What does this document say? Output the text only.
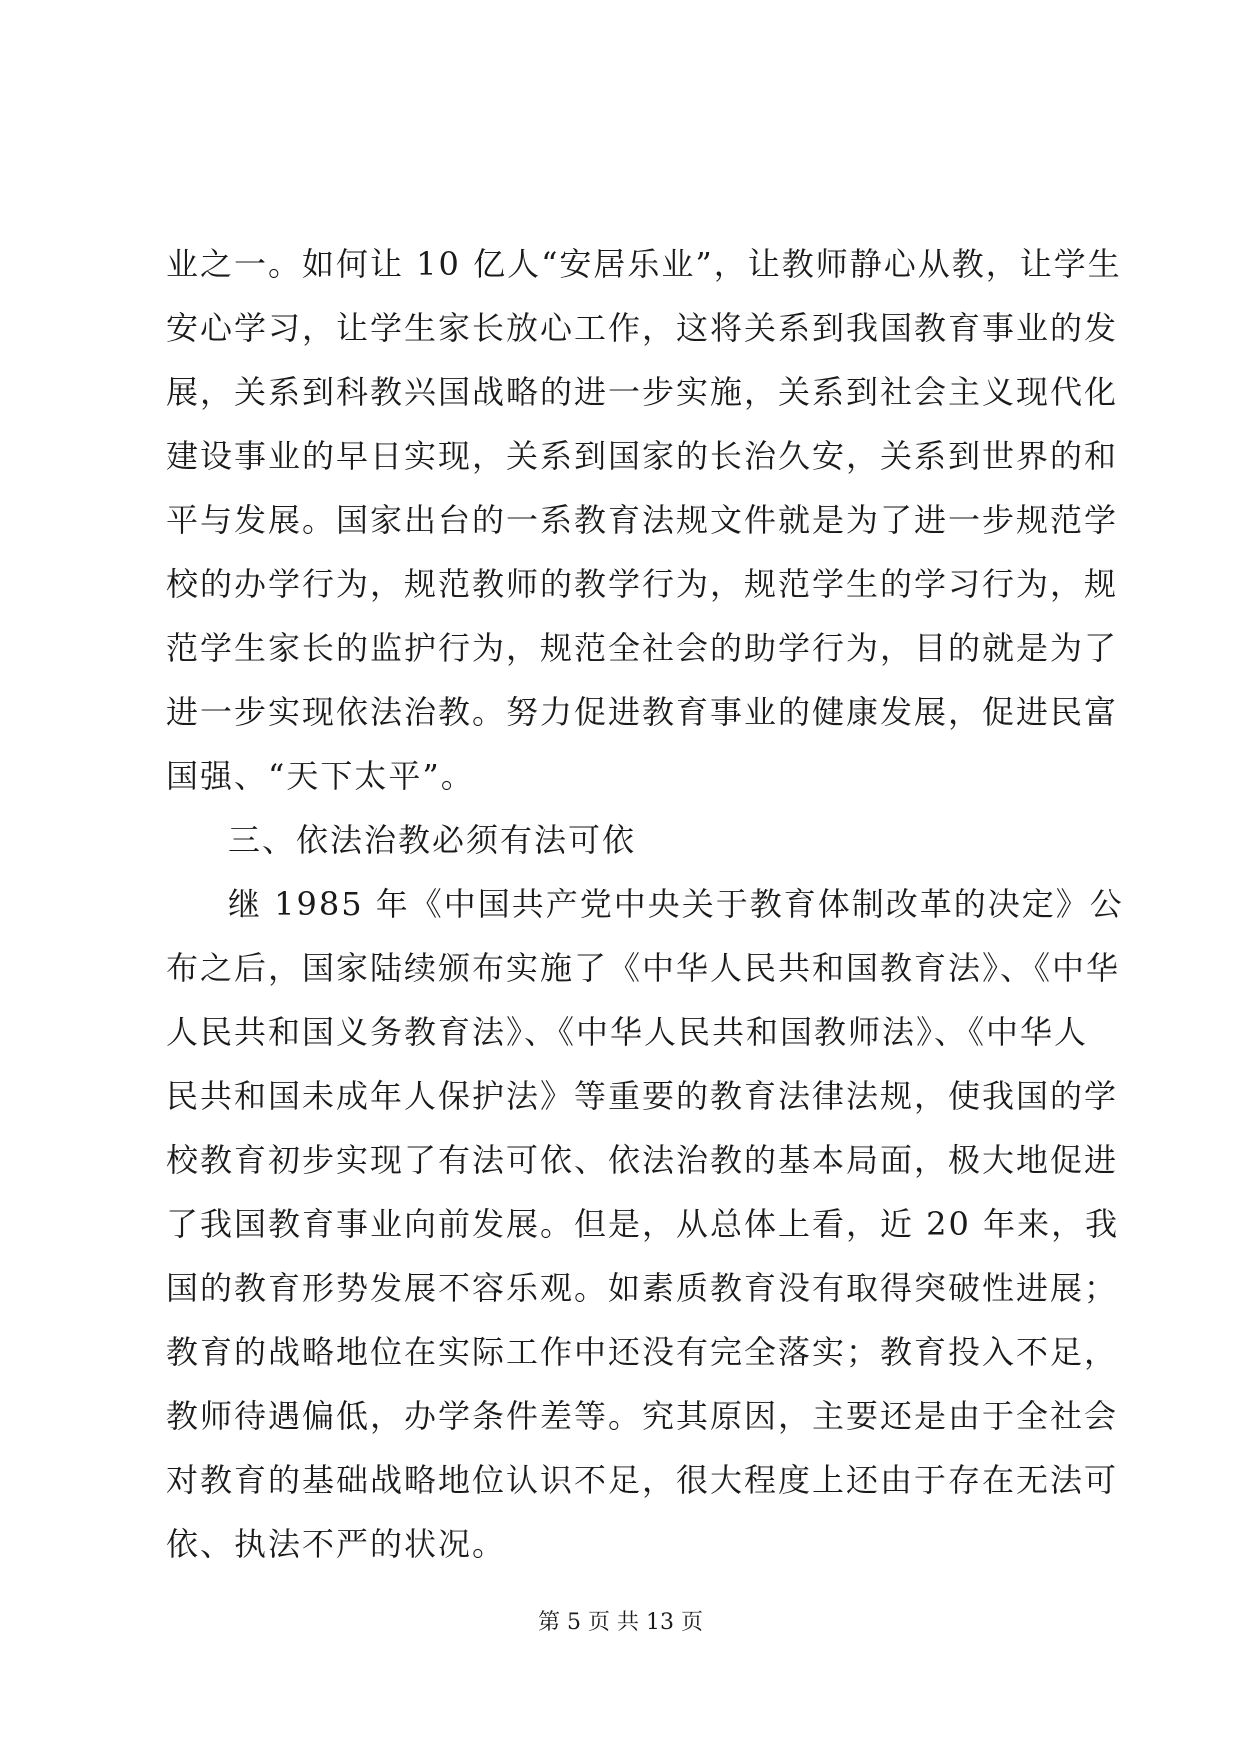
业之一。如何让 10 亿人“安居乐业”，让教师静心从教，让学生
安心学习，让学生家长放心工作，这将关系到我国教育事业的发
展，关系到科教兴国战略的进一步实施，关系到社会主义现代化
建设事业的早日实现，关系到国家的长治久安，关系到世界的和
平与发展。国家出台的一系教育法规文件就是为了进一步规范学
校的办学行为，规范教师的教学行为，规范学生的学习行为，规
范学生家长的监护行为，规范全社会的助学行为，目的就是为了
进一步实现依法治教。努力促进教育事业的健康发展，促进民富
国强、“天下太平”。
三、依法治教必须有法可依
继 1985 年《中国共产党中央关于教育体制改革的决定》公
布之后，国家陆续颁布实施了《中华人民共和国教育法》、《中华
人民共和国义务教育法》、《中华人民共和国教师法》、《中华人
民共和国未成年人保护法》等重要的教育法律法规，使我国的学
校教育初步实现了有法可依、依法治教的基本局面，极大地促进
了我国教育事业向前发展。但是，从总体上看，近 20 年来，我
国的教育形势发展不容乐观。如素质教育没有取得突破性进展；
教育的战略地位在实际工作中还没有完全落实；教育投入不足，
教师待遇偏低，办学条件差等。究其原因，主要还是由于全社会
对教育的基础战略地位认识不足，很大程度上还由于存在无法可
依、执法不严的状况。
第 5 页 共 13 页
